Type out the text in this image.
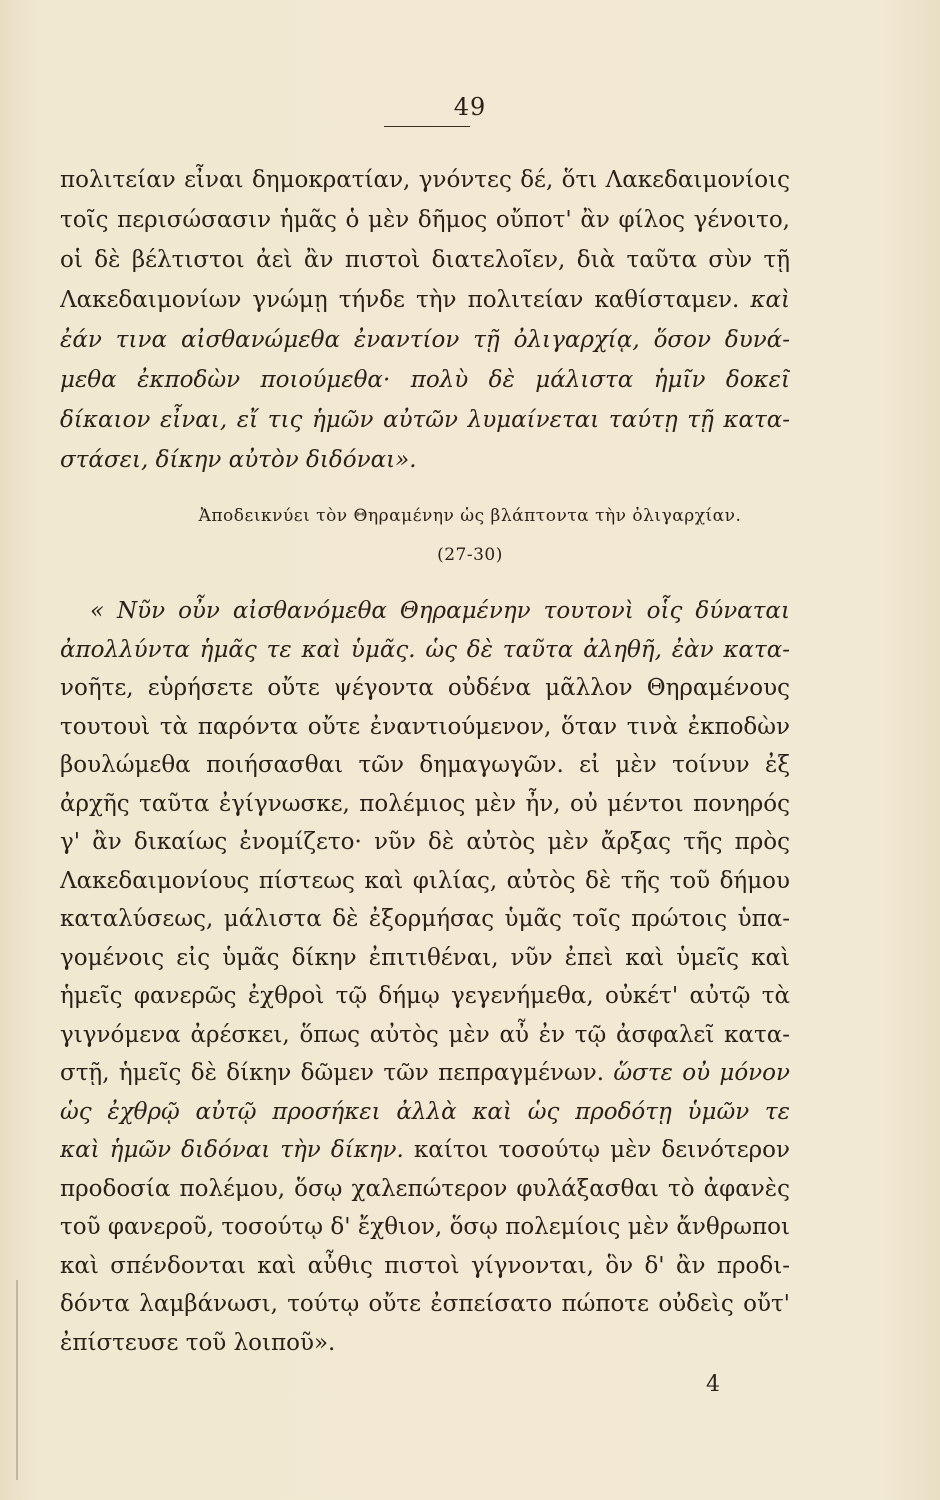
49
πολιτείαν εἶναι δημοκρατίαν, γνόντες δέ, ὅτι Λακεδαιμονίοις
τοῖς περισώσασιν ἡμᾶς ὁ μὲν δῆμος οὔποτ' ἂν φίλος γένοιτο,
οἱ δὲ βέλτιστοι ἀεὶ ἂν πιστοὶ διατελοῖεν, διὰ ταῦτα σὺν τῇ
Λακεδαιμονίων γνώμῃ τήνδε τὴν πολιτείαν καθίσταμεν. καὶ
ἐάν τινα αἰσθανώμεθα ἐναντίον τῇ ὀλιγαρχίᾳ, ὅσον δυνά-
μεθα ἐκποδὼν ποιούμεθα· πολὺ δὲ μάλιστα ἡμῖν δοκεῖ
δίκαιον εἶναι, εἴ τις ἡμῶν αὐτῶν λυμαίνεται ταύτῃ τῇ κατα-
στάσει, δίκην αὐτὸν διδόναι».
Ἀποδεικνύει τὸν Θηραμένην ὡς βλάπτοντα τὴν ὀλιγαρχίαν.
(27-30)
« Νῦν οὖν αἰσθανόμεθα Θηραμένην τουτονὶ οἷς δύναται
ἀπολλύντα ἡμᾶς τε καὶ ὑμᾶς. ὡς δὲ ταῦτα ἀληθῆ, ἐὰν κατα-
νοῆτε, εὑρήσετε οὔτε ψέγοντα οὐδένα μᾶλλον Θηραμένους
τουτουὶ τὰ παρόντα οὔτε ἐναντιούμενον, ὅταν τινὰ ἐκποδὼν
βουλώμεθα ποιήσασθαι τῶν δημαγωγῶν. εἰ μὲν τοίνυν ἐξ
ἀρχῆς ταῦτα ἐγίγνωσκε, πολέμιος μὲν ἦν, οὐ μέντοι πονηρός
γ' ἂν δικαίως ἐνομίζετο· νῦν δὲ αὐτὸς μὲν ἄρξας τῆς πρὸς
Λακεδαιμονίους πίστεως καὶ φιλίας, αὐτὸς δὲ τῆς τοῦ δήμου
καταλύσεως, μάλιστα δὲ ἐξορμήσας ὑμᾶς τοῖς πρώτοις ὑπα-
γομένοις εἰς ὑμᾶς δίκην ἐπιτιθέναι, νῦν ἐπεὶ καὶ ὑμεῖς καὶ
ἡμεῖς φανερῶς ἐχθροὶ τῷ δήμῳ γεγενήμεθα, οὐκέτ' αὐτῷ τὰ
γιγνόμενα ἀρέσκει, ὅπως αὐτὸς μὲν αὖ ἐν τῷ ἀσφαλεῖ κατα-
στῇ, ἡμεῖς δὲ δίκην δῶμεν τῶν πεπραγμένων. ὥστε οὐ μόνον
ὡς ἐχθρῷ αὐτῷ προσήκει ἀλλὰ καὶ ὡς προδότῃ ὑμῶν τε
καὶ ἡμῶν διδόναι τὴν δίκην. καίτοι τοσούτῳ μὲν δεινότερον
προδοσία πολέμου, ὅσῳ χαλεπώτερον φυλάξασθαι τὸ ἀφανὲς
τοῦ φανεροῦ, τοσούτῳ δ' ἔχθιον, ὅσῳ πολεμίοις μὲν ἄνθρωποι
καὶ σπένδονται καὶ αὖθις πιστοὶ γίγνονται, ὃν δ' ἂν προδι-
δόντα λαμβάνωσι, τούτῳ οὔτε ἐσπείσατο πώποτε οὐδεὶς οὔτ'
ἐπίστευσε τοῦ λοιποῦ».
4
